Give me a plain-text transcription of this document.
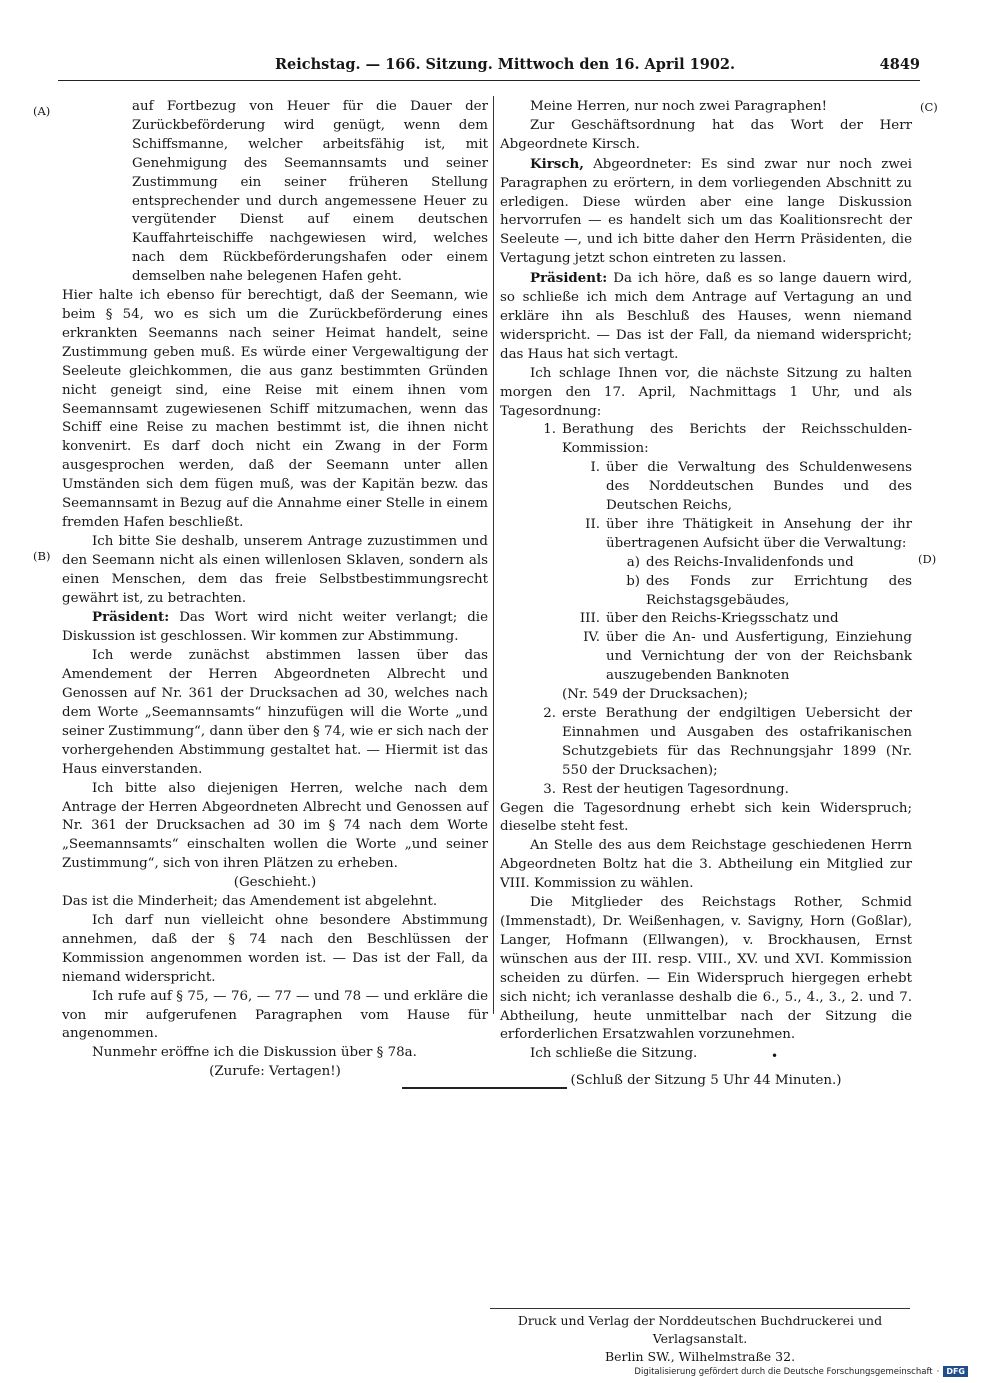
Reichstag. — 166. Sitzung. Mittwoch den 16. April 1902.	4849
(A)
(B)
(C)
(D)

auf Fortbezug von Heuer für die Dauer der Zurückbeförderung wird genügt, wenn dem Schiffsmanne, welcher arbeitsfähig ist, mit Genehmigung des Seemannsamts und seiner Zustimmung ein seiner früheren Stellung entsprechender und durch angemessene Heuer zu vergütender Dienst auf einem deutschen Kauffahrteischiffe nachgewiesen wird, welches nach dem Rückbeförderungshafen oder einem demselben nahe belegenen Hafen geht.

Hier halte ich ebenso für berechtigt, daß der Seemann, wie beim § 54, wo es sich um die Zurückbeförderung eines erkrankten Seemanns nach seiner Heimat handelt, seine Zustimmung geben muß. Es würde einer Vergewaltigung der Seeleute gleichkommen, die aus ganz bestimmten Gründen nicht geneigt sind, eine Reise mit einem ihnen vom Seemannsamt zugewiesenen Schiff mitzumachen, wenn das Schiff eine Reise zu machen bestimmt ist, die ihnen nicht konvenirt. Es darf doch nicht ein Zwang in der Form ausgesprochen werden, daß der Seemann unter allen Umständen sich dem fügen muß, was der Kapitän bezw. das Seemannsamt in Bezug auf die Annahme einer Stelle in einem fremden Hafen beschließt.

Ich bitte Sie deshalb, unserem Antrage zuzustimmen und den Seemann nicht als einen willenlosen Sklaven, sondern als einen Menschen, dem das freie Selbstbestimmungsrecht gewährt ist, zu betrachten.

Präsident: Das Wort wird nicht weiter verlangt; die Diskussion ist geschlossen. Wir kommen zur Abstimmung.

Ich werde zunächst abstimmen lassen über das Amendement der Herren Abgeordneten Albrecht und Genossen auf Nr. 361 der Drucksachen ad 30, welches nach dem Worte „Seemannsamts“ hinzufügen will die Worte „und seiner Zustimmung“, dann über den § 74, wie er sich nach der vorhergehenden Abstimmung gestaltet hat. — Hiermit ist das Haus einverstanden.

Ich bitte also diejenigen Herren, welche nach dem Antrage der Herren Abgeordneten Albrecht und Genossen auf Nr. 361 der Drucksachen ad 30 im § 74 nach dem Worte „Seemannsamts“ einschalten wollen die Worte „und seiner Zustimmung“, sich von ihren Plätzen zu erheben.

(Geschieht.)

Das ist die Minderheit; das Amendement ist abgelehnt.

Ich darf nun vielleicht ohne besondere Abstimmung annehmen, daß der § 74 nach den Beschlüssen der Kommission angenommen worden ist. — Das ist der Fall, da niemand widerspricht.

Ich rufe auf § 75, — 76, — 77 — und 78 — und erkläre die von mir aufgerufenen Paragraphen vom Hause für angenommen.

Nunmehr eröffne ich die Diskussion über § 78a.

(Zurufe: Vertagen!)

Meine Herren, nur noch zwei Paragraphen!

Zur Geschäftsordnung hat das Wort der Herr Abgeordnete Kirsch.

Kirsch, Abgeordneter: Es sind zwar nur noch zwei Paragraphen zu erörtern, in dem vorliegenden Abschnitt zu erledigen. Diese würden aber eine lange Diskussion hervorrufen — es handelt sich um das Koalitionsrecht der Seeleute —, und ich bitte daher den Herrn Präsidenten, die Vertagung jetzt schon eintreten zu lassen.

Präsident: Da ich höre, daß es so lange dauern wird, so schließe ich mich dem Antrage auf Vertagung an und erkläre ihn als Beschluß des Hauses, wenn niemand widerspricht. — Das ist der Fall, da niemand widerspricht; das Haus hat sich vertagt.

Ich schlage Ihnen vor, die nächste Sitzung zu halten morgen den 17. April, Nachmittags 1 Uhr, und als Tagesordnung:

1. Berathung des Berichts der Reichsschulden-Kommission:
I. über die Verwaltung des Schuldenwesens des Norddeutschen Bundes und des Deutschen Reichs,
II. über ihre Thätigkeit in Ansehung der ihr übertragenen Aufsicht über die Verwaltung:
a) des Reichs-Invalidenfonds und
b) des Fonds zur Errichtung des Reichstagsgebäudes,
III. über den Reichs-Kriegsschatz und
IV. über die An- und Ausfertigung, Einziehung und Vernichtung der von der Reichsbank auszugebenden Banknoten
(Nr. 549 der Drucksachen);
2. erste Berathung der endgiltigen Uebersicht der Einnahmen und Ausgaben des ostafrikanischen Schutzgebiets für das Rechnungsjahr 1899 (Nr. 550 der Drucksachen);
3. Rest der heutigen Tagesordnung.

Gegen die Tagesordnung erhebt sich kein Widerspruch; dieselbe steht fest.

An Stelle des aus dem Reichstage geschiedenen Herrn Abgeordneten Boltz hat die 3. Abtheilung ein Mitglied zur VIII. Kommission zu wählen.

Die Mitglieder des Reichstags Rother, Schmid (Immenstadt), Dr. Weißenhagen, v. Savigny, Horn (Goßlar), Langer, Hofmann (Ellwangen), v. Brockhausen, Ernst wünschen aus der III. resp. VIII., XV. und XVI. Kommission scheiden zu dürfen. — Ein Widerspruch hiergegen erhebt sich nicht; ich veranlasse deshalb die 6., 5., 4., 3., 2. und 7. Abtheilung, heute unmittelbar nach der Sitzung die erforderlichen Ersatzwahlen vorzunehmen.

Ich schließe die Sitzung.

(Schluß der Sitzung 5 Uhr 44 Minuten.)

•
Druck und Verlag der Norddeutschen Buchdruckerei und Verlagsanstalt.
Berlin SW., Wilhelmstraße 32.
Digitalisierung gefördert durch die Deutsche Forschungsgemeinschaft · DFG
